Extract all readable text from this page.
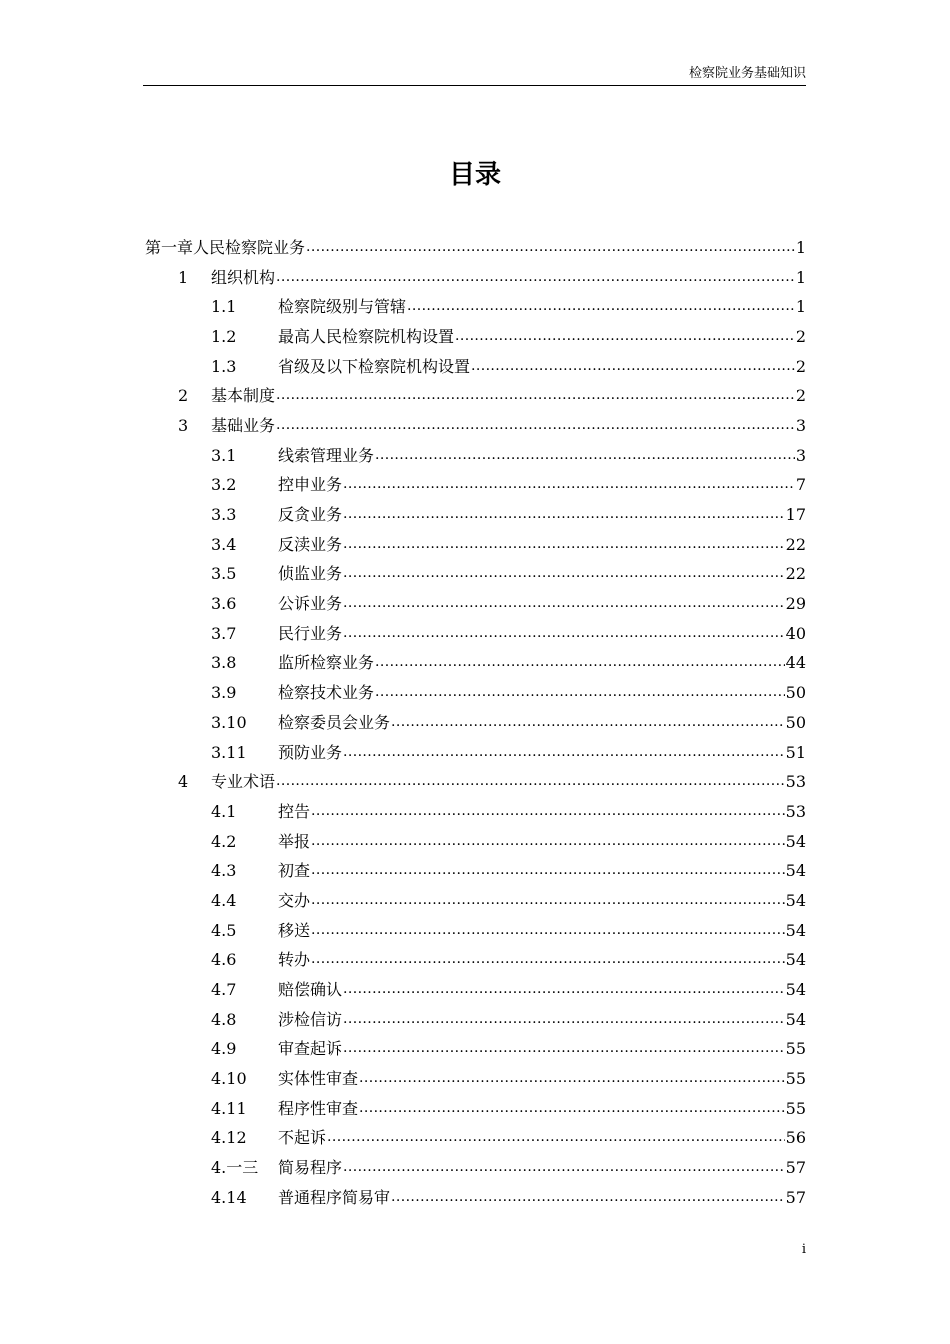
检察院业务基础知识
目录
第一章人民检察院业务 .....	1
1	组织机构 .....	1
1.1	检察院级别与管辖 .....	1
1.2	最高人民检察院机构设置 .....	2
1.3	省级及以下检察院机构设置 .....	2
2	基本制度 .....	2
3	基础业务 .....	3
3.1	线索管理业务 .....	3
3.2	控申业务 .....	7
3.3	反贪业务 .....	17
3.4	反渎业务 .....	22
3.5	侦监业务 .....	22
3.6	公诉业务 .....	29
3.7	民行业务 .....	40
3.8	监所检察业务 .....	44
3.9	检察技术业务 .....	50
3.10	检察委员会业务 .....	50
3.11	预防业务 .....	51
4	专业术语 .....	53
4.1	控告 .....	53
4.2	举报 .....	54
4.3	初查 .....	54
4.4	交办 .....	54
4.5	移送 .....	54
4.6	转办 .....	54
4.7	赔偿确认 .....	54
4.8	涉检信访 .....	54
4.9	审查起诉 .....	55
4.10	实体性审查 .....	55
4.11	程序性审查 .....	55
4.12	不起诉 .....	56
4.一三	简易程序 .....	57
4.14	普通程序简易审 .....	57
i
